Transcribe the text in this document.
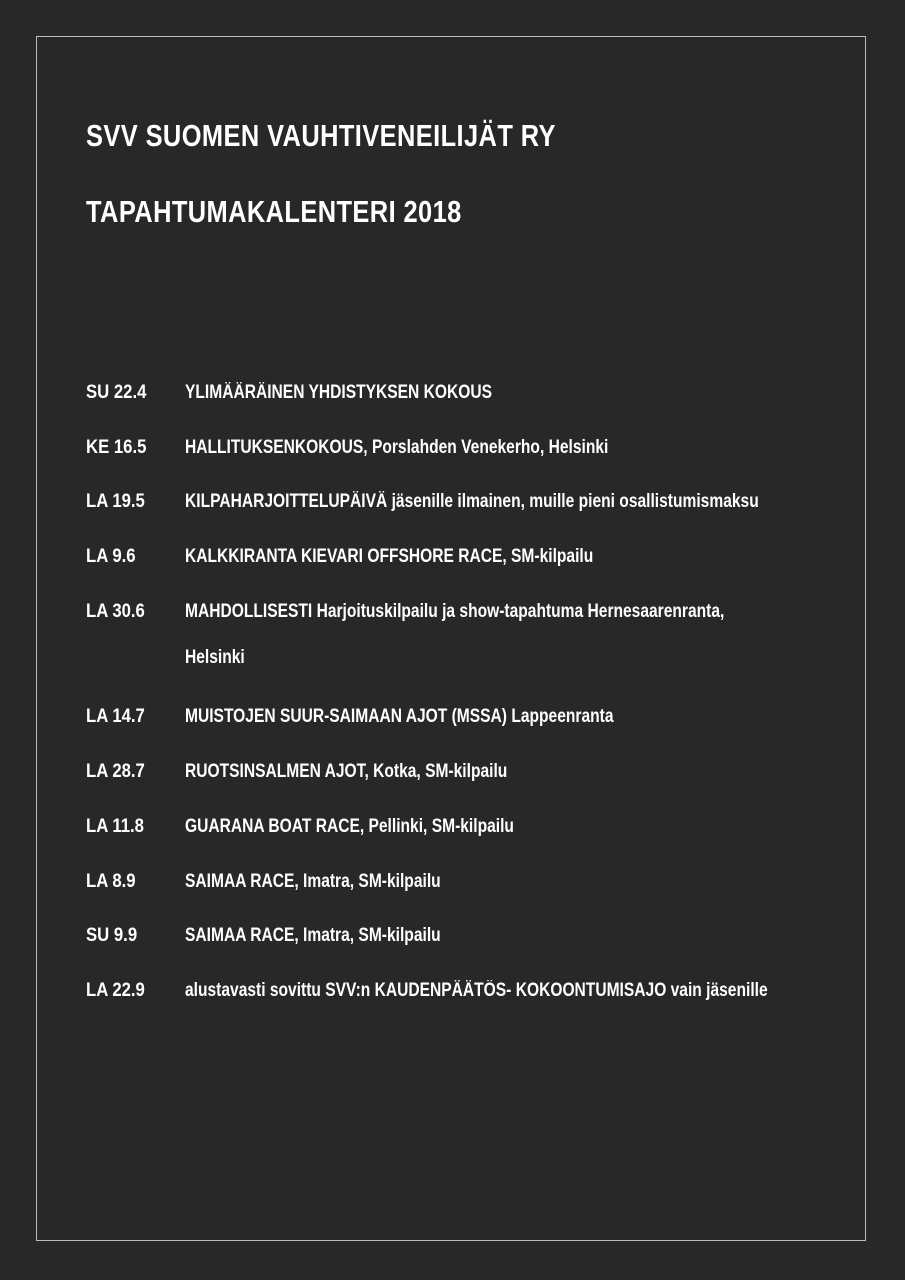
SVV SUOMEN VAUHTIVENEILIJÄT RY
TAPAHTUMAKALENTERI 2018
SU 22.4	YLIMÄÄRÄINEN YHDISTYKSEN KOKOUS
KE 16.5	HALLITUKSENKOKOUS, Porslahden Venekerho, Helsinki
LA 19.5	KILPAHARJOITTELUPÄIVÄ jäsenille ilmainen, muille pieni osallistumismaksu
LA 9.6	KALKKIRANTA KIEVARI OFFSHORE RACE, SM-kilpailu
LA 30.6	MAHDOLLISESTI Harjoituskilpailu ja show-tapahtuma Hernesaarenranta, Helsinki
LA 14.7	MUISTOJEN SUUR-SAIMAAN AJOT (MSSA) Lappeenranta
LA 28.7	RUOTSINSALMEN AJOT, Kotka, SM-kilpailu
LA 11.8	GUARANA BOAT RACE, Pellinki, SM-kilpailu
LA 8.9	SAIMAA RACE, Imatra, SM-kilpailu
SU 9.9	SAIMAA RACE, Imatra, SM-kilpailu
LA 22.9	alustavasti sovittu SVV:n KAUDENPÄÄTÖS- KOKOONTUMISAJO vain jäsenille
